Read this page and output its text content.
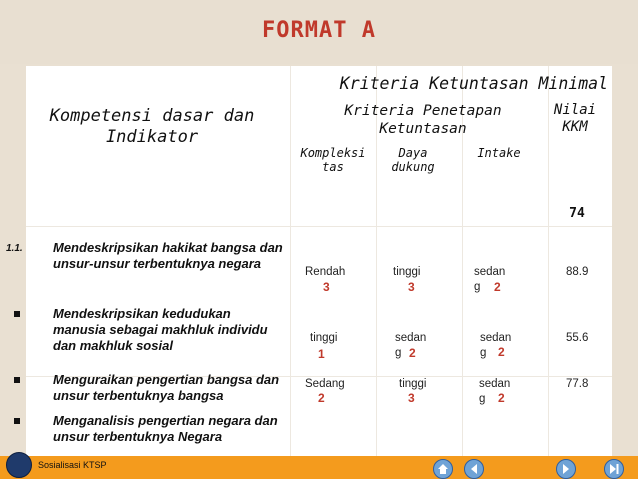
FORMAT A
Kriteria Ketuntasan Minimal
Kompetensi dasar dan
Indikator
Kriteria Penetapan
Ketuntasan
Nilai
KKM
Kompleksi
tas
Daya
dukung
Intake
74
1.1. Mendeskripsikan hakikat bangsa dan
unsur-unsur terbentuknya negara
Mendeskripsikan kedudukan
manusia sebagai makhluk individu
dan makhluk sosial
Menguraikan pengertian bangsa dan
unsur terbentuknya bangsa
Menganalisis pengertian negara dan
unsur terbentuknya Negara
Rendah
3
tinggi
3
sedan
g	2
88.9
tinggi
1
sedan
g 2
sedan
g 2
55.6
Sedang
2
tinggi
3
sedan
g	2
77.8
Sosialisasi KTSP
